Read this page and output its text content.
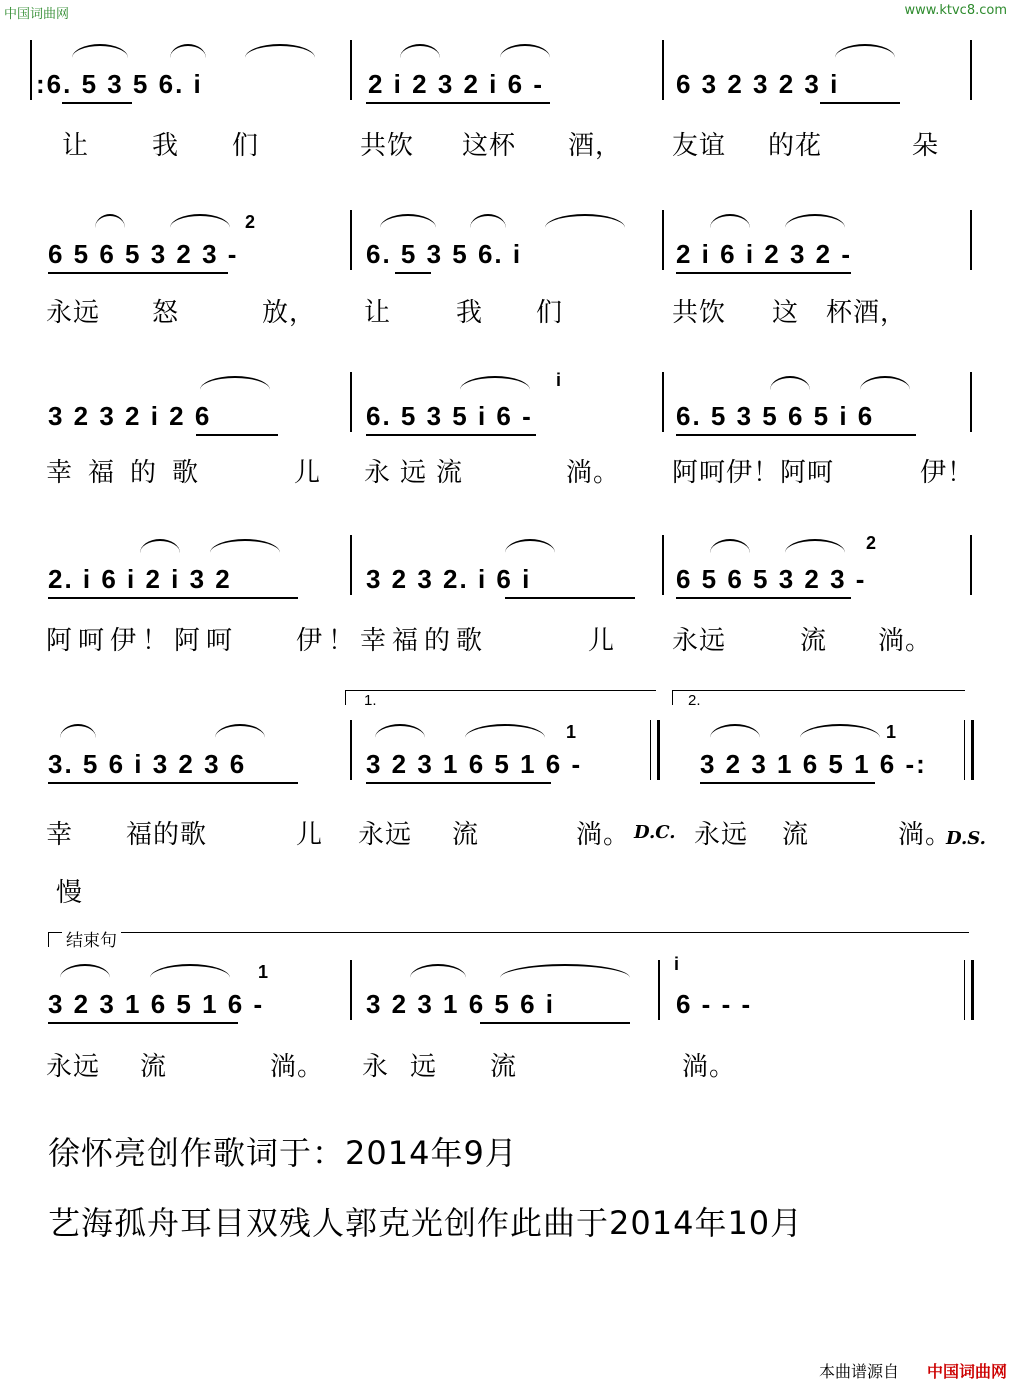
中国词曲网	www.ktvc8.com
:6. 5 3 5 6. i	2 i 2 3 2 i 6 -	6 3 2 3 2 3 i
让 我 们	共饮 这杯 酒， 友谊 的花	朵
6 5 6 5 3 2 3 -
2
6. 5 3 5 6. i	2 i 6 i 2 3 2 -
永远 怒	放， 让 我 们	共饮 这 杯酒，
3 2 3 2 i 2 6	6. 5 3 5 i 6 -
i
6. 5 3 5 6 5 i 6
幸福的歌	儿 永远流	淌。 阿呵伊！阿呵	伊！
2. i 6 i 2 i 3 2	3 2 3 2. i 6 i	6 5 6 5 3 2 3 -
2
阿呵伊！阿呵 伊！幸福的歌	儿 永远	流 淌。
1.	2.
3. 5 6 i 3 2 3 6	3 2 3 1 6 5 1 6 -
1
3 2 3 1 6 5 1 6 -:
1
幸 福的歌	儿 永远 流	淌。 D.C. 永远 流	淌。
D.S.
慢
结束句
3 2 3 1 6 5 1 6 -
1
3 2 3 1 6 5 6 i
i
6 - - -
永远 流	淌。 永 远 流	淌。
徐怀亮创作歌词于：2014年9月
艺海孤舟耳目双残人郭克光创作此曲于2014年10月
本曲谱源自 中国词曲网
